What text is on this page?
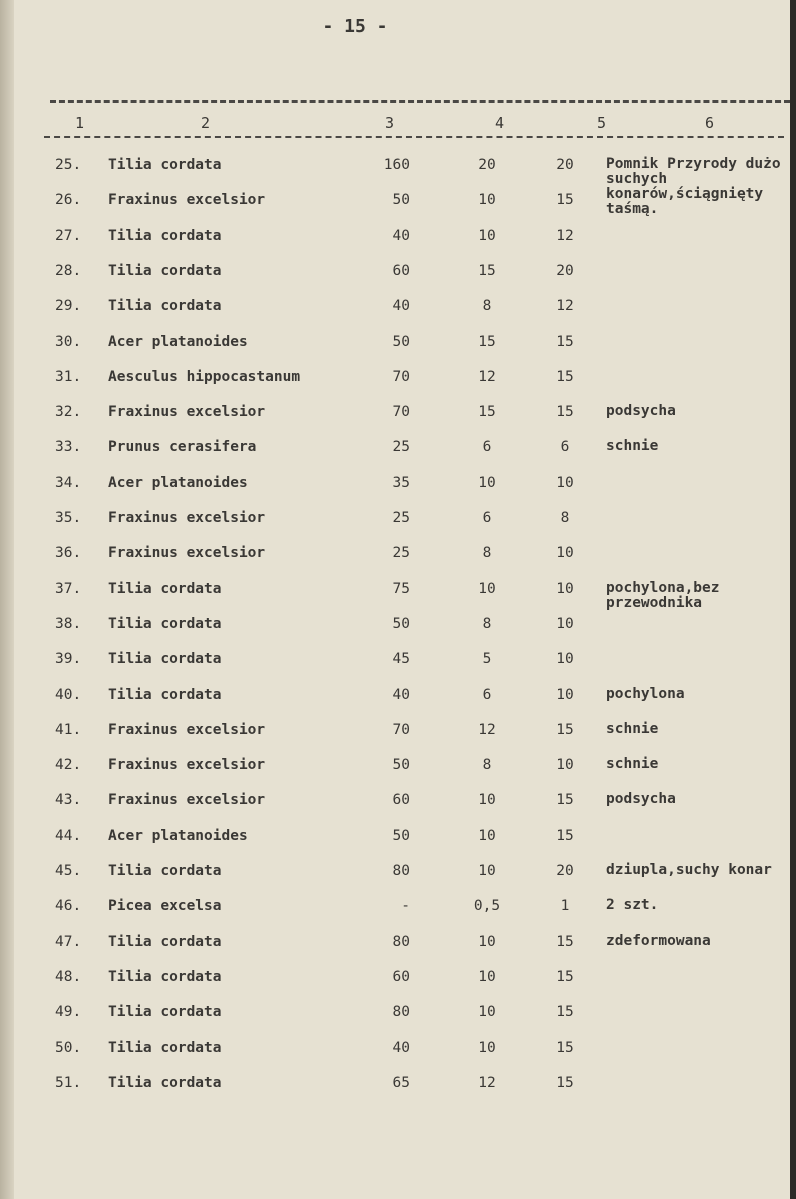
- 15 -
1	2	3	4	5	6
25. Tilia cordata	160	20	20	Pomnik Przyrody dużo suchych konarów,ściągnięty taśmą.
26. Fraxinus excelsior	50	10	15
27. Tilia cordata	40	10	12
28. Tilia cordata	60	15	20
29. Tilia cordata	40	8	12
30. Acer platanoides	50	15	15
31. Aesculus hippocastanum	70	12	15
32. Fraxinus excelsior	70	15	15	podsycha
33. Prunus cerasifera	25	6	6	schnie
34. Acer platanoides	35	10	10
35. Fraxinus excelsior	25	6	8
36. Fraxinus excelsior	25	8	10
37. Tilia cordata	75	10	10	pochylona,bez przewodnika
38. Tilia cordata	50	8	10
39. Tilia cordata	45	5	10
40. Tilia cordata	40	6	10	pochylona
41. Fraxinus excelsior	70	12	15	schnie
42. Fraxinus excelsior	50	8	10	schnie
43. Fraxinus excelsior	60	10	15	podsycha
44. Acer platanoides	50	10	15
45. Tilia cordata	80	10	20	dziupla,suchy konar
46. Picea excelsa	-	0,5	1	2 szt.
47. Tilia cordata	80	10	15	zdeformowana
48. Tilia cordata	60	10	15
49. Tilia cordata	80	10	15
50. Tilia cordata	40	10	15
51. Tilia cordata	65	12	15
